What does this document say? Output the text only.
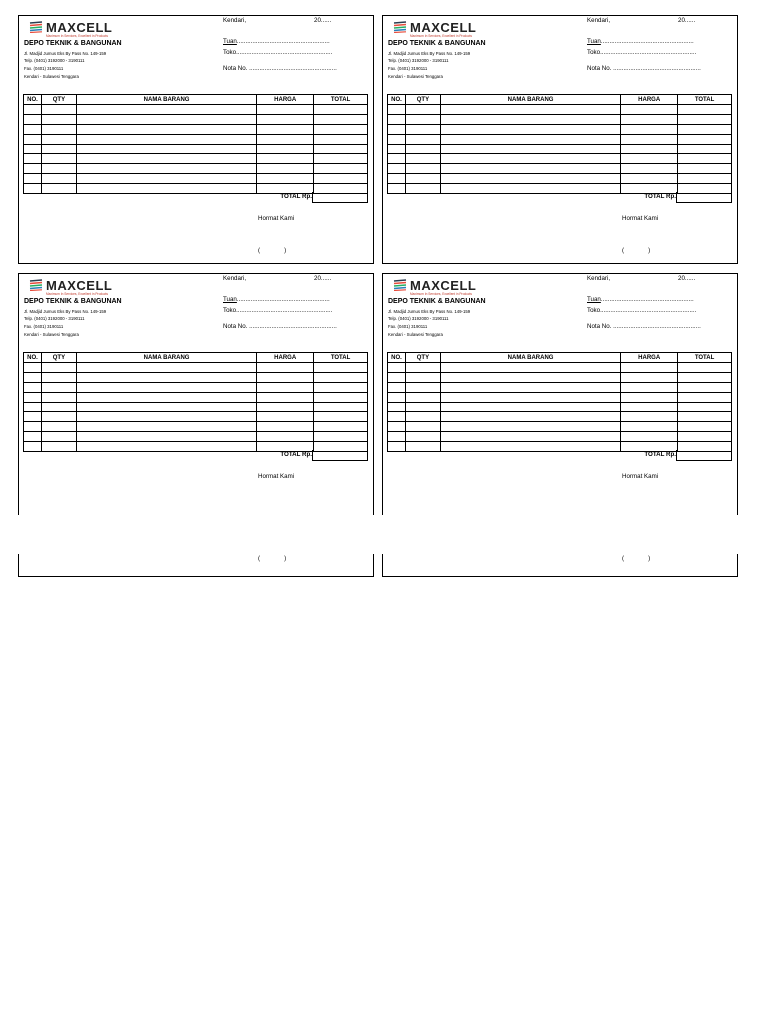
MAXCELL
Maximum In Services, Excellent in Products
DEPO TEKNIK & BANGUNAN
Jl. Madjid Jumus Eks By Pass No. 149-159
Telp. (0401) 3192000 - 3190111
Fax. (0401) 3190111
Kendari - Sulawesi Tenggara
Kendari,	20......
Tuan......................................................
Toko........................................................
Nota No. ...................................................
NO.	QTY	NAMA BARANG	HARGA	TOTAL

TOTAL Rp.
Hormat Kami
(              )
MAXCELL
Maximum In Services, Excellent in Products
DEPO TEKNIK & BANGUNAN
Jl. Madjid Jumus Eks By Pass No. 149-159
Telp. (0401) 3192000 - 3190111
Fax. (0401) 3190111
Kendari - Sulawesi Tenggara
Kendari,	20......
Tuan......................................................
Toko........................................................
Nota No. ...................................................
NO.	QTY	NAMA BARANG	HARGA	TOTAL

TOTAL Rp.
Hormat Kami
(              )
MAXCELL
Maximum In Services, Excellent in Products
DEPO TEKNIK & BANGUNAN
Jl. Madjid Jumus Eks By Pass No. 149-159
Telp. (0401) 3192000 - 3190111
Fax. (0401) 3190111
Kendari - Sulawesi Tenggara
Kendari,	20......
Tuan......................................................
Toko........................................................
Nota No. ...................................................
NO.	QTY	NAMA BARANG	HARGA	TOTAL

TOTAL Rp.
Hormat Kami
(              )
MAXCELL
Maximum In Services, Excellent in Products
DEPO TEKNIK & BANGUNAN
Jl. Madjid Jumus Eks By Pass No. 149-159
Telp. (0401) 3192000 - 3190111
Fax. (0401) 3190111
Kendari - Sulawesi Tenggara
Kendari,	20......
Tuan......................................................
Toko........................................................
Nota No. ...................................................
NO.	QTY	NAMA BARANG	HARGA	TOTAL

TOTAL Rp.
Hormat Kami
(              )
